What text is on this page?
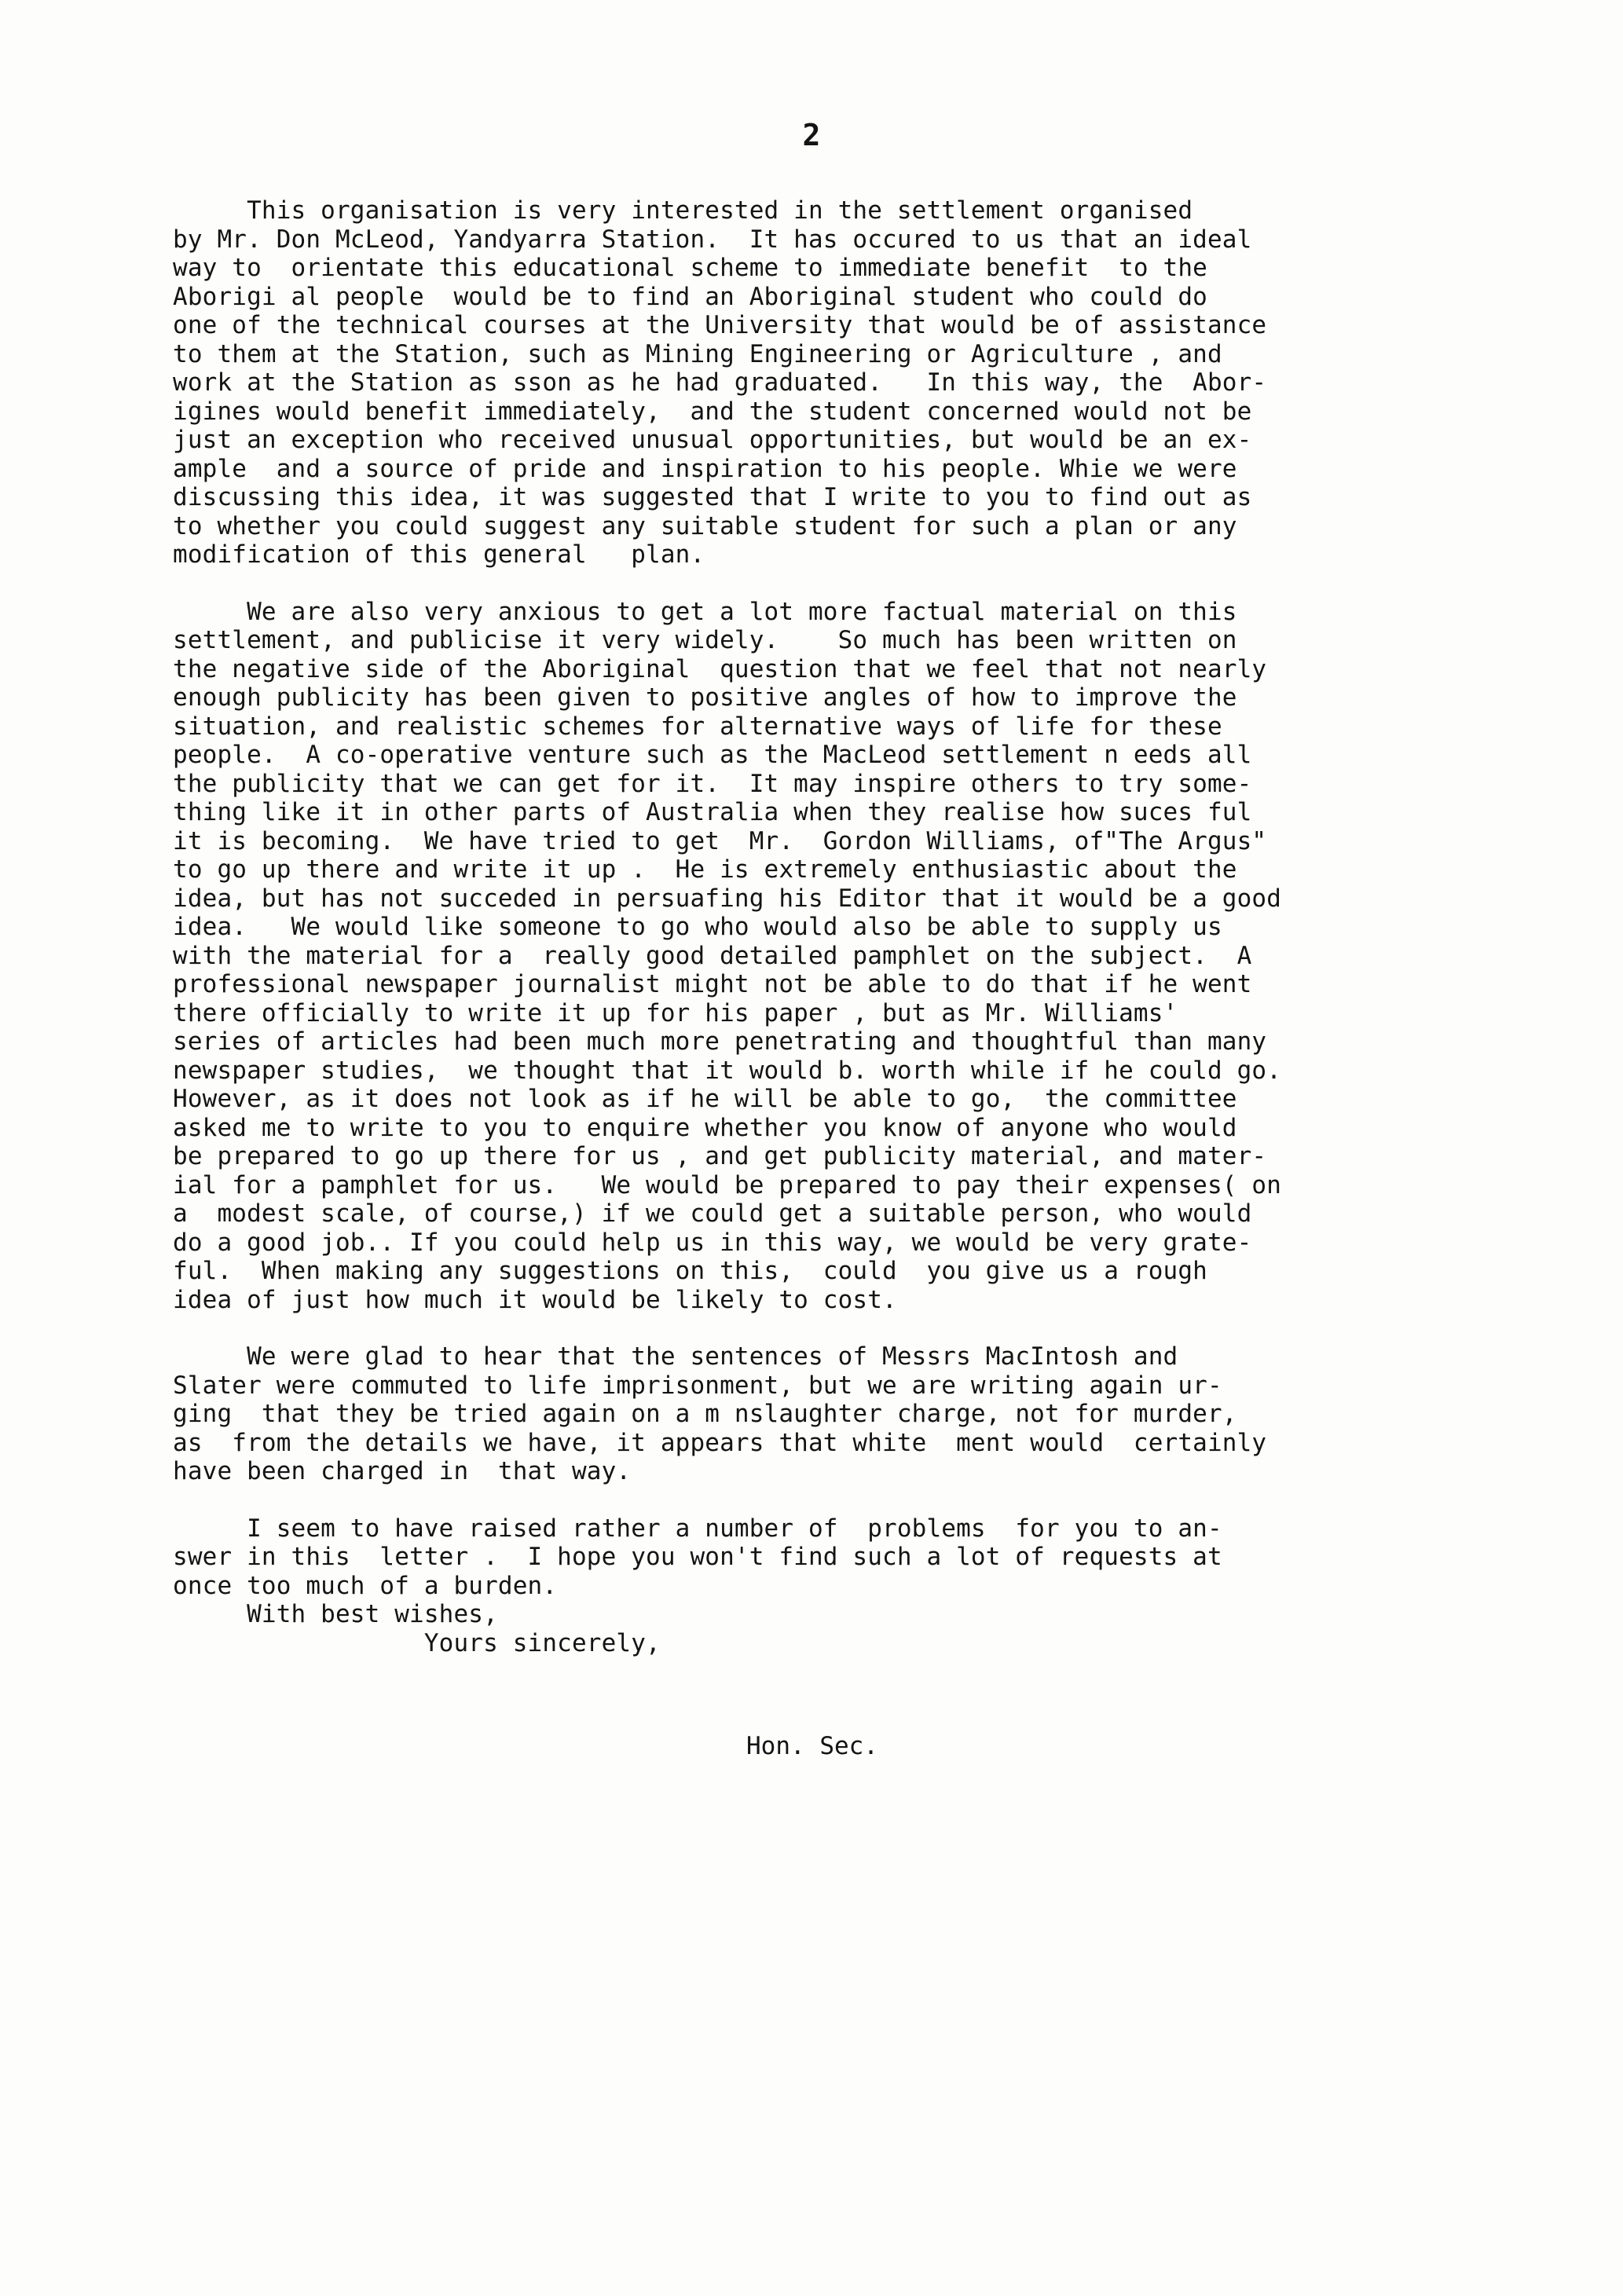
2
This organisation is very interested in the settlement organised
by Mr. Don McLeod, Yandyarra Station.  It has occured to us that an ideal
way to  orientate this educational scheme to immediate benefit  to the
Aborigi al people  would be to find an Aboriginal student who could do
one of the technical courses at the University that would be of assistance
to them at the Station, such as Mining Engineering or Agriculture , and
work at the Station as sson as he had graduated.   In this way, the  Abor-
igines would benefit immediately,  and the student concerned would not be
just an exception who received unusual opportunities, but would be an ex-
ample  and a source of pride and inspiration to his people. Whie we were
discussing this idea, it was suggested that I write to you to find out as
to whether you could suggest any suitable student for such a plan or any
modification of this general   plan.
We are also very anxious to get a lot more factual material on this
settlement, and publicise it very widely.    So much has been written on
the negative side of the Aboriginal  question that we feel that not nearly
enough publicity has been given to positive angles of how to improve the
situation, and realistic schemes for alternative ways of life for these
people.  A co-operative venture such as the MacLeod settlement n eeds all
the publicity that we can get for it.  It may inspire others to try some-
thing like it in other parts of Australia when they realise how suces ful
it is becoming.  We have tried to get  Mr.  Gordon Williams, of"The Argus"
to go up there and write it up .  He is extremely enthusiastic about the
idea, but has not succeded in persuafing his Editor that it would be a good
idea.   We would like someone to go who would also be able to supply us
with the material for a  really good detailed pamphlet on the subject.  A
professional newspaper journalist might not be able to do that if he went
there officially to write it up for his paper , but as Mr. Williams'
series of articles had been much more penetrating and thoughtful than many
newspaper studies,  we thought that it would b. worth while if he could go.
However, as it does not look as if he will be able to go,  the committee
asked me to write to you to enquire whether you know of anyone who would
be prepared to go up there for us , and get publicity material, and mater-
ial for a pamphlet for us.   We would be prepared to pay their expenses( on
a  modest scale, of course,) if we could get a suitable person, who would
do a good job.. If you could help us in this way, we would be very grate-
ful.  When making any suggestions on this,  could  you give us a rough
idea of just how much it would be likely to cost.
We were glad to hear that the sentences of Messrs MacIntosh and
Slater were commuted to life imprisonment, but we are writing again ur-
ging  that they be tried again on a m nslaughter charge, not for murder,
as  from the details we have, it appears that white  ment would  certainly
have been charged in  that way.
I seem to have raised rather a number of  problems  for you to an-
swer in this  letter .  I hope you won't find such a lot of requests at
once too much of a burden.
With best wishes,
Yours sincerely,
Hon. Sec.
